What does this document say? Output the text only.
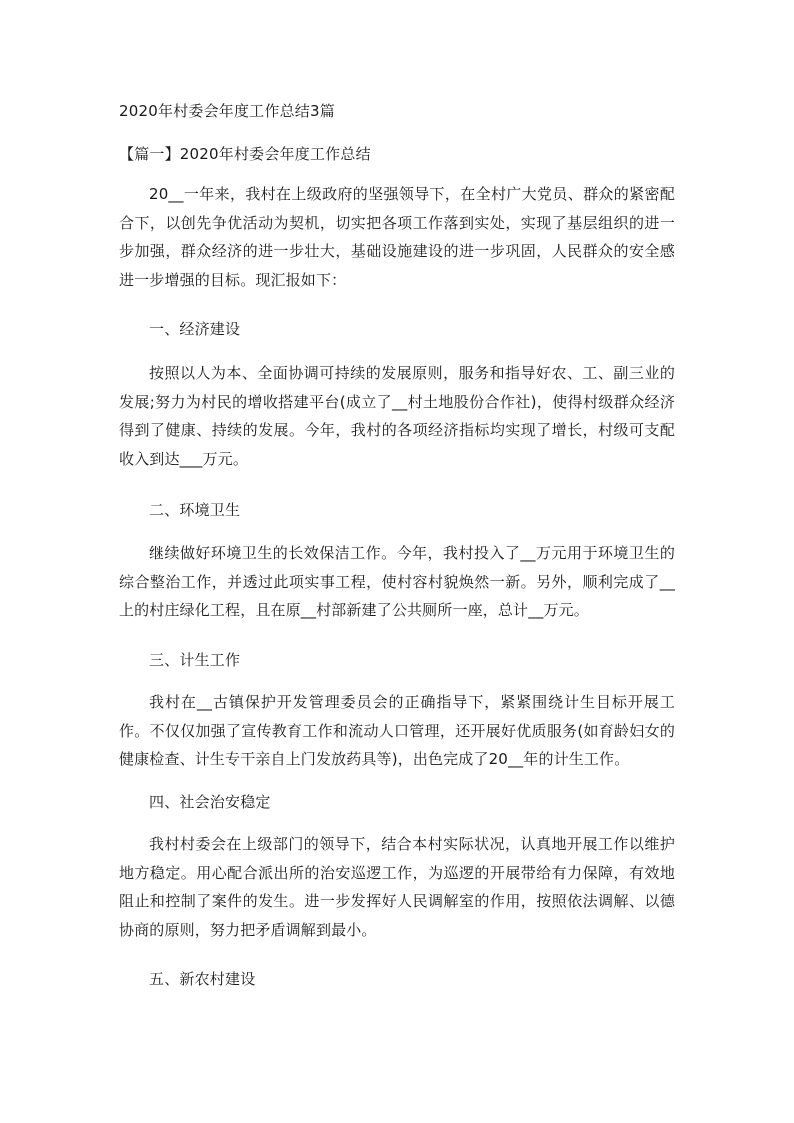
2020年村委会年度工作总结3篇
【篇一】2020年村委会年度工作总结

20__一年来，我村在上级政府的坚强领导下，在全村广大党员、群众的紧密配合下，以创先争优活动为契机，切实把各项工作落到实处，实现了基层组织的进一步加强，群众经济的进一步壮大，基础设施建设的进一步巩固，人民群众的安全感进一步增强的目标。现汇报如下：

一、经济建设

按照以人为本、全面协调可持续的发展原则，服务和指导好农、工、副三业的发展;努力为村民的增收搭建平台(成立了__村土地股份合作社)，使得村级群众经济得到了健康、持续的发展。今年，我村的各项经济指标均实现了增长，村级可支配收入到达___万元。

二、环境卫生

继续做好环境卫生的长效保洁工作。今年，我村投入了__万元用于环境卫生的综合整治工作，并透过此项实事工程，使村容村貌焕然一新。另外，顺利完成了__上的村庄绿化工程，且在原__村部新建了公共厕所一座，总计__万元。

三、计生工作

我村在__古镇保护开发管理委员会的正确指导下，紧紧围绕计生目标开展工作。不仅仅加强了宣传教育工作和流动人口管理，还开展好优质服务(如育龄妇女的健康检查、计生专干亲自上门发放药具等)，出色完成了20__年的计生工作。

四、社会治安稳定

我村村委会在上级部门的领导下，结合本村实际状况，认真地开展工作以维护地方稳定。用心配合派出所的治安巡逻工作，为巡逻的开展带给有力保障，有效地阻止和控制了案件的发生。进一步发挥好人民调解室的作用，按照依法调解、以德协商的原则，努力把矛盾调解到最小。

五、新农村建设
